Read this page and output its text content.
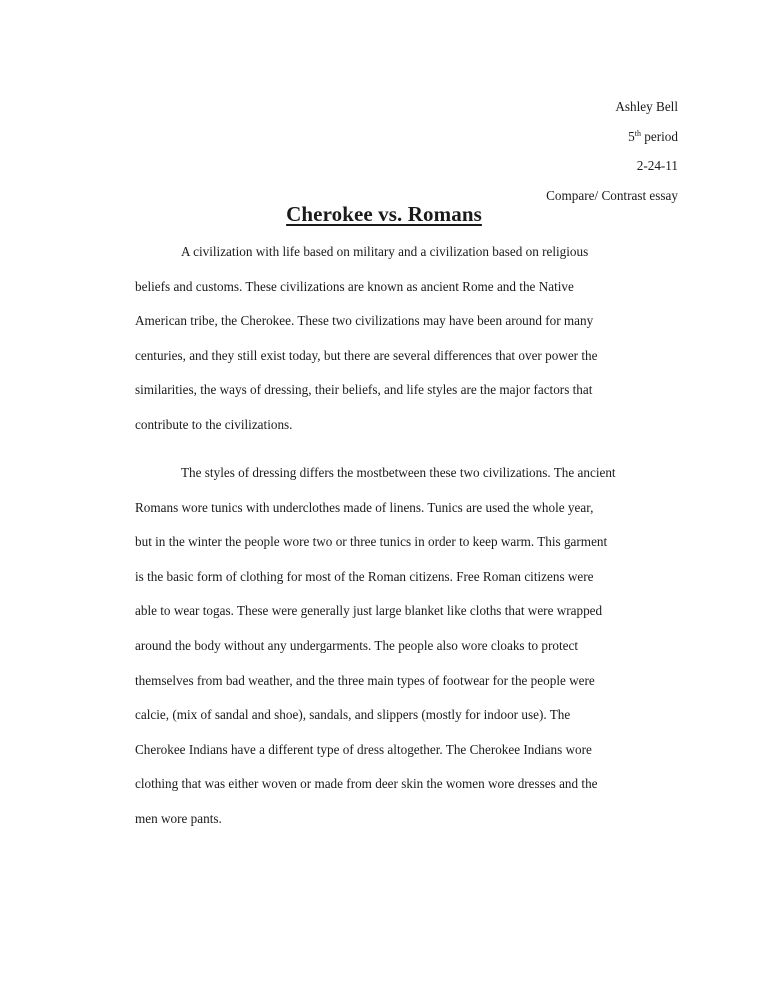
Ashley Bell
5th period
2-24-11
Compare/ Contrast essay
Cherokee vs. Romans

A civilization with life based on military and a civilization based on religious
beliefs and customs. These civilizations are known as ancient Rome and the Native
American tribe, the Cherokee. These two civilizations may have been around for many
centuries, and they still exist today, but there are several differences that over power the
similarities, the ways of dressing, their beliefs, and life styles are the major factors that
contribute to the civilizations.

The styles of dressing differs the mostbetween these two civilizations. The ancient
Romans wore tunics with underclothes made of linens. Tunics are used the whole year,
but in the winter the people wore two or three tunics in order to keep warm. This garment
is the basic form of clothing for most of the Roman citizens. Free Roman citizens were
able to wear togas. These were generally just large blanket like cloths that were wrapped
around the body without any undergarments. The people also wore cloaks to protect
themselves from bad weather, and the three main types of footwear for the people were
calcie, (mix of sandal and shoe), sandals, and slippers (mostly for indoor use). The
Cherokee Indians have a different type of dress altogether. The Cherokee Indians wore
clothing that was either woven or made from deer skin the women wore dresses and the
men wore pants.
